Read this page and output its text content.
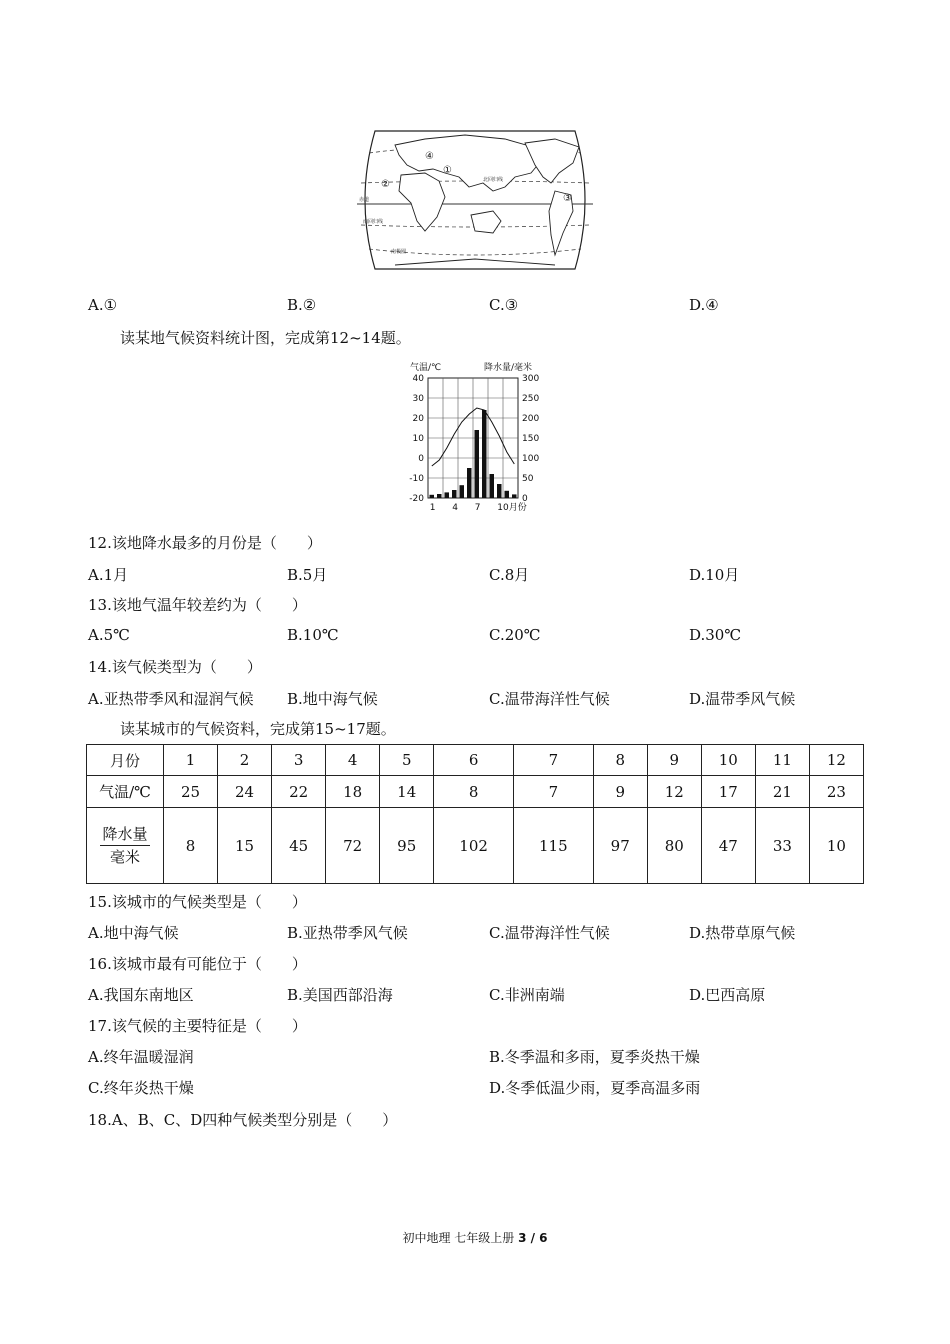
北回归线
赤道
南回归线
南极圈
①
②
③
④
A.①	B.②	C.③	D.④
读某地气候资料统计图，完成第12~14题。
气温/℃	降水量/毫米
40
30
20
10
0
-10
-20
300
250
200
150
100
50
0
1 4 7 10月份
12.该地降水最多的月份是（　　）
A.1月	B.5月	C.8月	D.10月
13.该地气温年较差约为（　　）
A.5℃	B.10℃	C.20℃	D.30℃
14.该气候类型为（　　）
A.亚热带季风和湿润气候 B.地中海气候	C.温带海洋性气候	D.温带季风气候
读某城市的气候资料，完成第15~17题。
月份	1	2	3	4	5	6	7	8	9	10	11	12
气温/℃	25	24	22	18	14	8	7	9	12	17	21	23

$\frac{\text{降水量}}{\text{毫米}}$	8	15	45	72	95	102	115	97	80	47	33	10
15.该城市的气候类型是（　　）
A.地中海气候	B.亚热带季风气候	C.温带海洋性气候	D.热带草原气候
16.该城市最有可能位于（　　）
A.我国东南地区	B.美国西部沿海	C.非洲南端	D.巴西高原
17.该气候的主要特征是（　　）
A.终年温暖湿润	B.冬季温和多雨，夏季炎热干燥
C.终年炎热干燥	D.冬季低温少雨，夏季高温多雨
18.A、B、C、D四种气候类型分别是（　　）
初中地理 七年级上册 3 / 6
